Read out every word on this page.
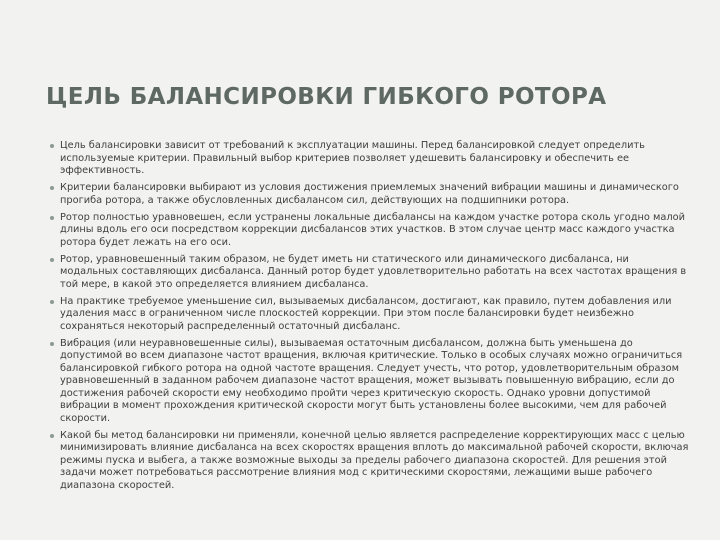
ЦЕЛЬ БАЛАНСИРОВКИ ГИБКОГО РОТОРА
Цель балансировки зависит от требований к эксплуатации машины. Перед балансировкой следует определить используемые критерии. Правильный выбор критериев позволяет удешевить балансировку и обеспечить ее эффективность.
Критерии балансировки выбирают из условия достижения приемлемых значений вибрации машины и динамического прогиба ротора, а также обусловленных дисбалансом сил, действующих на подшипники ротора.
Ротор полностью уравновешен, если устранены локальные дисбалансы на каждом участке ротора сколь угодно малой длины вдоль его оси посредством коррекции дисбалансов этих участков. В этом случае центр масс каждого участка ротора будет лежать на его оси.
Ротор, уравновешенный таким образом, не будет иметь ни статического или динамического дисбаланса, ни модальных составляющих дисбаланса. Данный ротор будет удовлетворительно работать на всех частотах вращения в той мере, в какой это определяется влиянием дисбаланса.
На практике требуемое уменьшение сил, вызываемых дисбалансом, достигают, как правило, путем добавления или удаления масс в ограниченном числе плоскостей коррекции. При этом после балансировки будет неизбежно сохраняться некоторый распределенный остаточный дисбаланс.
Вибрация (или неуравновешенные силы), вызываемая остаточным дисбалансом, должна быть уменьшена до допустимой во всем диапазоне частот вращения, включая критические. Только в особых случаях можно ограничиться балансировкой гибкого ротора на одной частоте вращения. Следует учесть, что ротор, удовлетворительным образом уравновешенный в заданном рабочем диапазоне частот вращения, может вызывать повышенную вибрацию, если до достижения рабочей скорости ему необходимо пройти через критическую скорость. Однако уровни допустимой вибрации в момент прохождения критической скорости могут быть установлены более высокими, чем для рабочей скорости.
Какой бы метод балансировки ни применяли, конечной целью является распределение корректирующих масс с целью минимизировать влияние дисбаланса на всех скоростях вращения вплоть до максимальной рабочей скорости, включая режимы пуска и выбега, а также возможные выходы за пределы рабочего диапазона скоростей. Для решения этой задачи может потребоваться рассмотрение влияния мод с критическими скоростями, лежащими выше рабочего диапазона скоростей.
